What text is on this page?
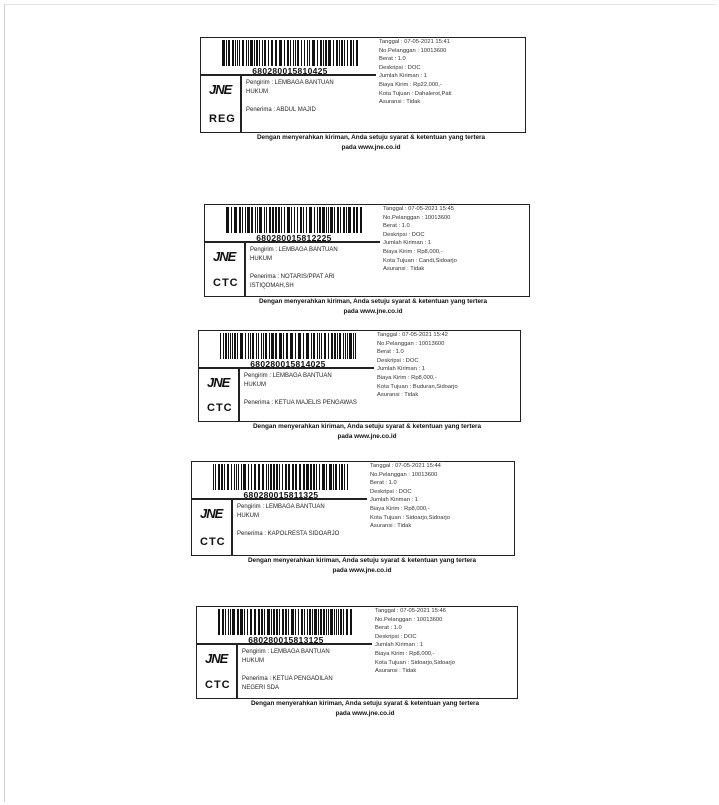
680280015810425
JNE
REG
Pengirim : LEMBAGA BANTUAN
HUKUM
Penerima : ABDUL MAJID
Tanggal : 07-05-2021 15:41
No.Pelanggan : 10013600
Berat : 1.0
Deskripsi : DOC
Jumlah Kiriman : 1
Biaya Kirim : Rp22,000,-
Kota Tujuan : Dahalerot,Pati
Asuransi : Tidak
Dengan menyerahkan kiriman, Anda setuju syarat & ketentuan yang tertera
pada www.jne.co.id
680280015812225
JNE
CTC
Pengirim : LEMBAGA BANTUAN
HUKUM
Penerima : NOTARIS/PPAT ARI
ISTIQOMAH,SH
Tanggal : 07-05-2021 15:45
No.Pelanggan : 10013600
Berat : 1.0
Deskripsi : DOC
Jumlah Kiriman : 1
Biaya Kirim : Rp8,000,-
Kota Tujuan : Candi,Sidoarjo
Asuransi : Tidak
Dengan menyerahkan kiriman, Anda setuju syarat & ketentuan yang tertera
pada www.jne.co.id
680280015814025
JNE
CTC
Pengirim : LEMBAGA BANTUAN
HUKUM
Penerima : KETUA MAJELIS PENGAWAS
Tanggal : 07-05-2021 15:42
No.Pelanggan : 10013600
Berat : 1.0
Deskripsi : DOC
Jumlah Kiriman : 1
Biaya Kirim : Rp8,000,-
Kota Tujuan : Buduran,Sidoarjo
Asuransi : Tidak
Dengan menyerahkan kiriman, Anda setuju syarat & ketentuan yang tertera
pada www.jne.co.id
680280015811325
JNE
CTC
Pengirim : LEMBAGA BANTUAN
HUKUM
Penerima : KAPOLRESTA SIDOARJO
Tanggal : 07-05-2021 15:44
No.Pelanggan : 10013600
Berat : 1.0
Deskripsi : DOC
Jumlah Kiriman : 1
Biaya Kirim : Rp8,000,-
Kota Tujuan : Sidoarjo,Sidoarjo
Asuransi : Tidak
Dengan menyerahkan kiriman, Anda setuju syarat & ketentuan yang tertera
pada www.jne.co.id
680280015813125
JNE
CTC
Pengirim : LEMBAGA BANTUAN
HUKUM
Penerima : KETUA PENGADILAN
NEGERI SDA
Tanggal : 07-05-2021 15:46
No.Pelanggan : 10013600
Berat : 1.0
Deskripsi : DOC
Jumlah Kiriman : 1
Biaya Kirim : Rp8,000,-
Kota Tujuan : Sidoarjo,Sidoarjo
Asuransi : Tidak
Dengan menyerahkan kiriman, Anda setuju syarat & ketentuan yang tertera
pada www.jne.co.id
